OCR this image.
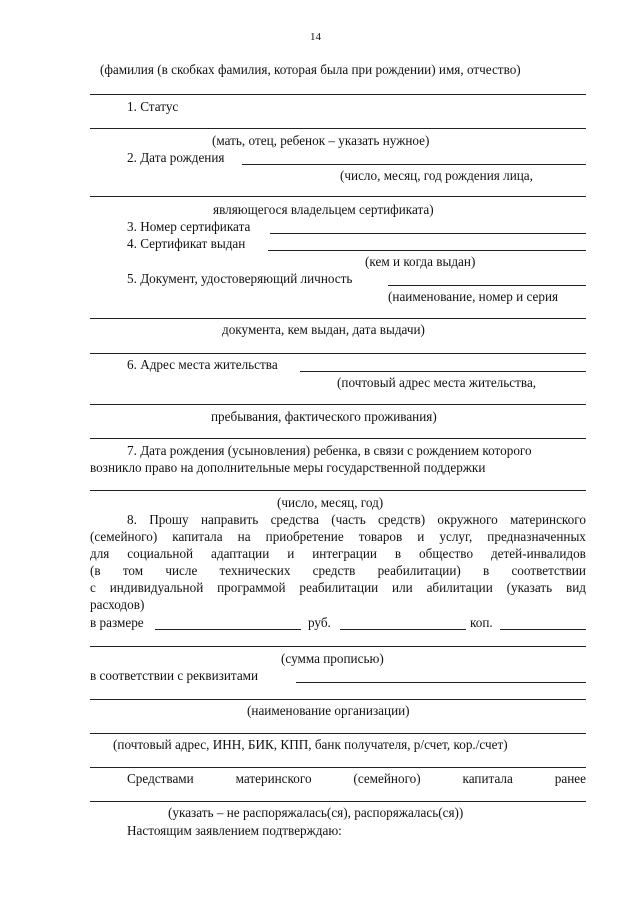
14
(фамилия (в скобках фамилия, которая была при рождении) имя, отчество)
1. Статус
(мать, отец, ребенок – указать нужное)
2. Дата рождения
(число, месяц, год рождения лица,
являющегося владельцем сертификата)
3. Номер сертификата
4. Сертификат выдан
(кем и когда выдан)
5. Документ, удостоверяющий личность
(наименование, номер и серия
документа, кем выдан, дата выдачи)
6. Адрес места жительства
(почтовый адрес места жительства,
пребывания, фактического проживания)
7. Дата рождения (усыновления) ребенка, в связи с рождением которого
возникло право на дополнительные меры государственной поддержки
(число, месяц, год)
8. Прошу направить средства (часть средств) окружного материнского
(семейного) капитала на приобретение товаров и услуг, предназначенных
для социальной адаптации и интеграции в общество детей-инвалидов
(в том числе технических средств реабилитации) в соответствии
с индивидуальной программой реабилитации или абилитации (указать вид
расходов)
в размере	руб.	коп.
(сумма прописью)
в соответствии с реквизитами
(наименование организации)
(почтовый адрес, ИНН, БИК, КПП, банк получателя, р/счет, кор./счет)
Средствами	материнского	(семейного)	капитала	ранее
(указать – не распоряжалась(ся), распоряжалась(ся))
Настоящим заявлением подтверждаю:
